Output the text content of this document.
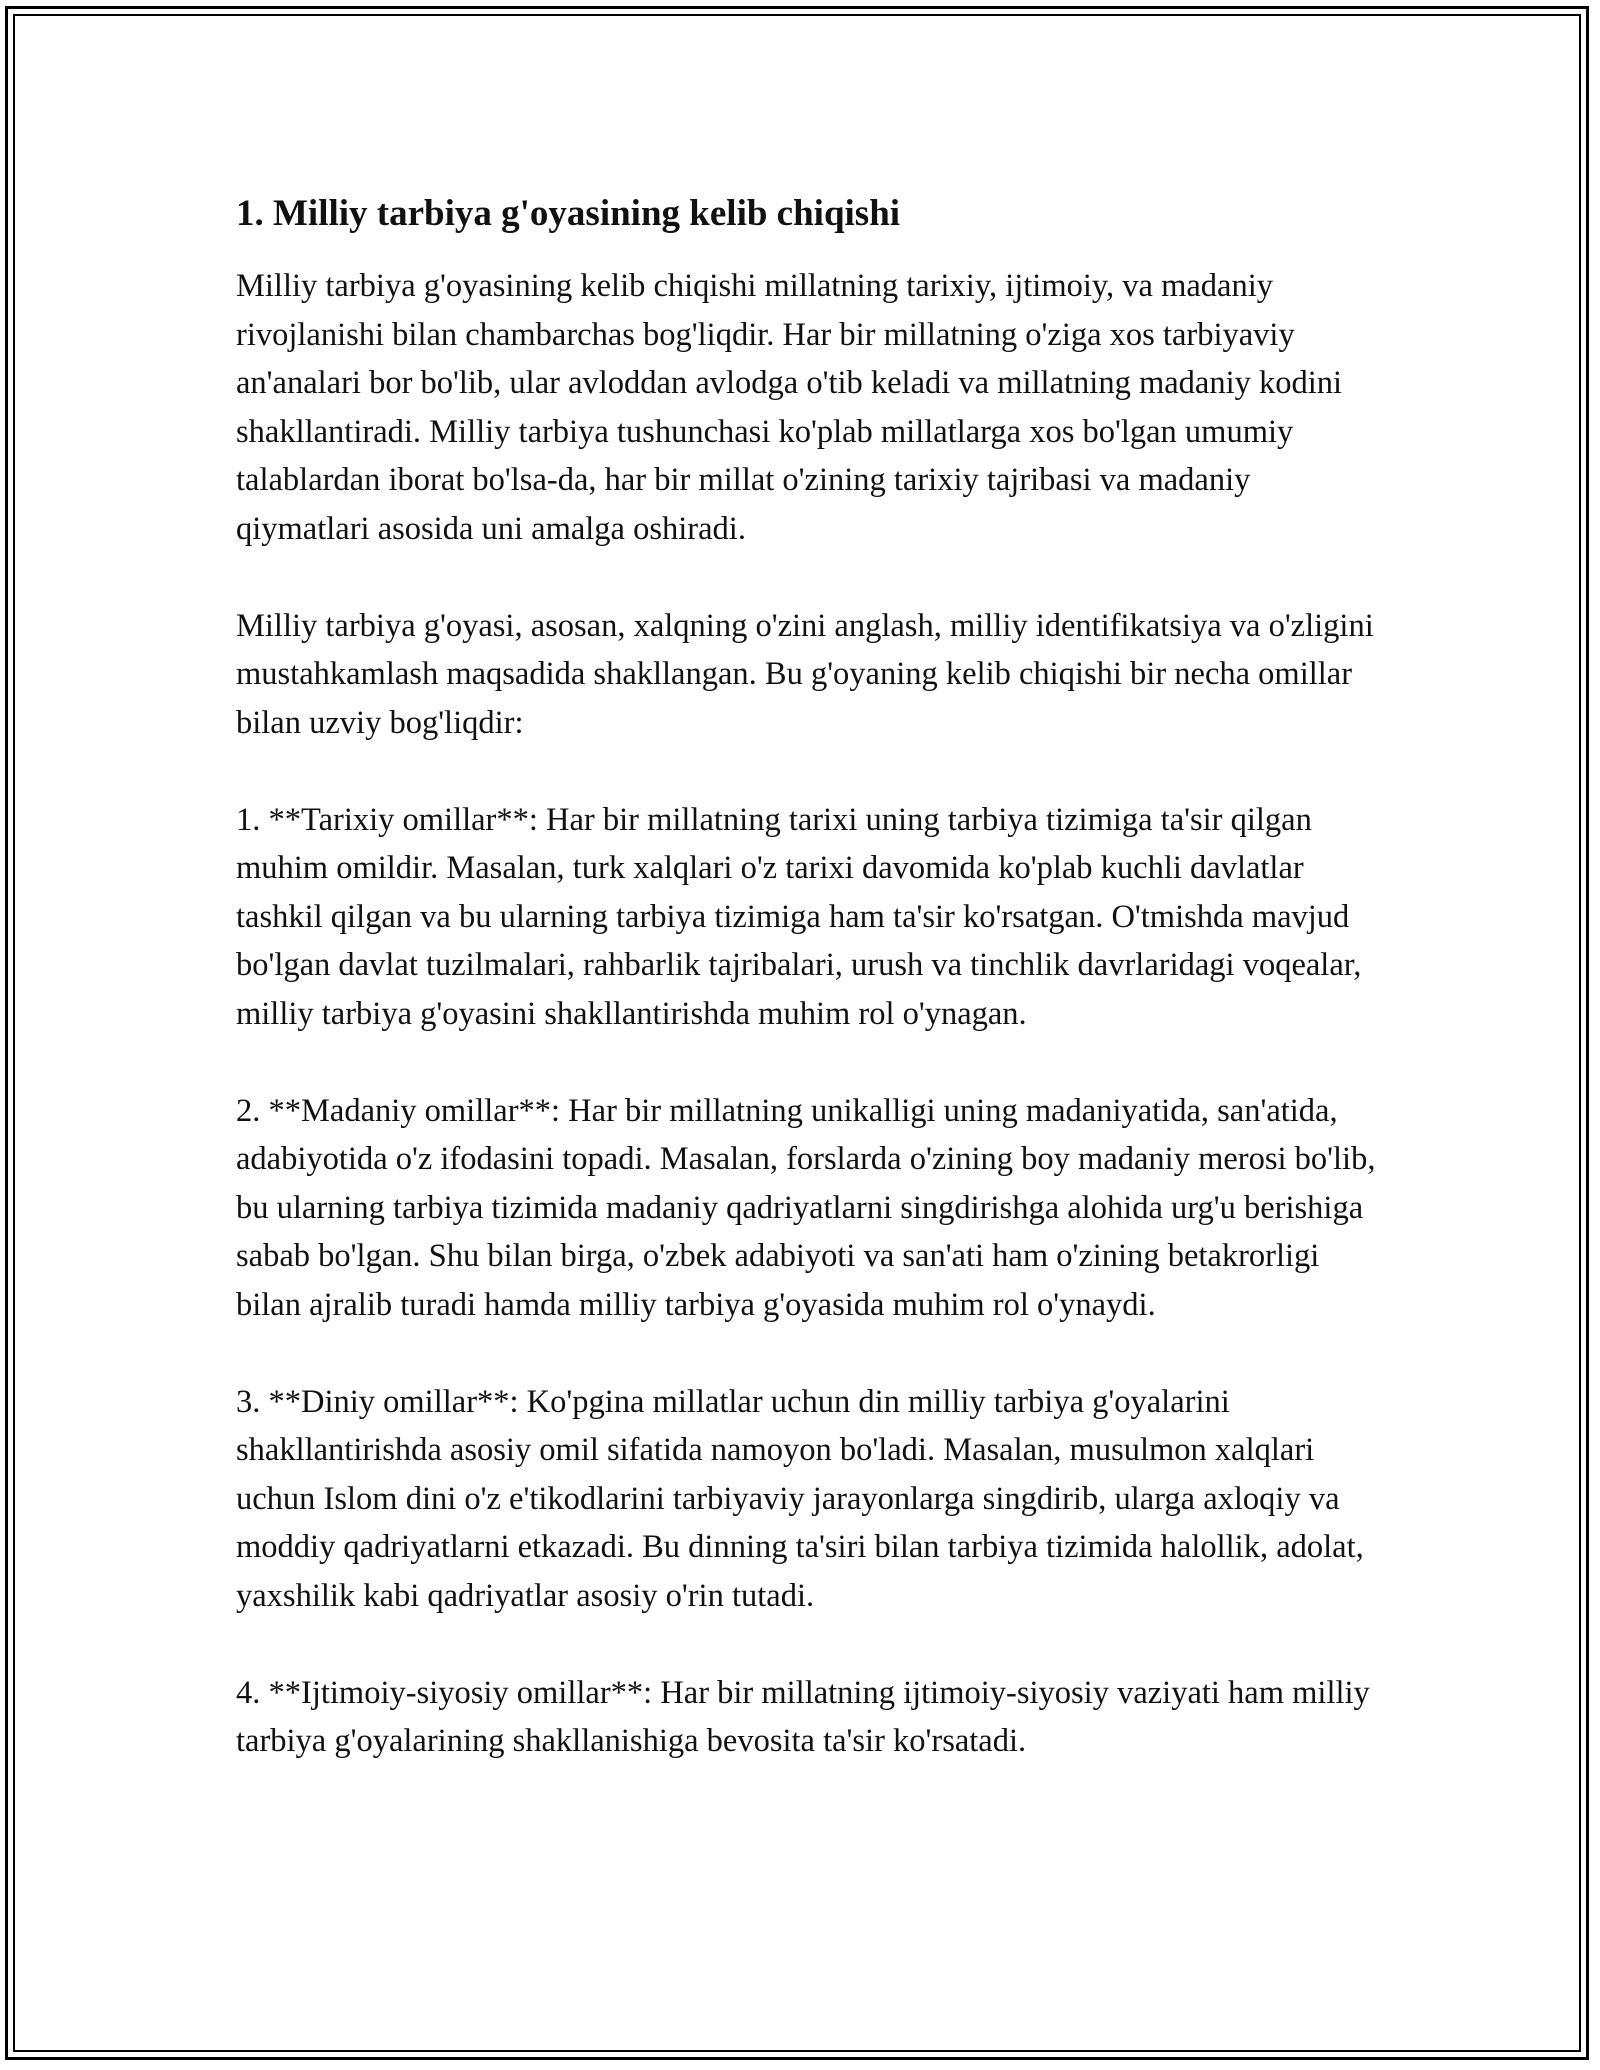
1. Milliy tarbiya g'oyasining kelib chiqishi

Milliy tarbiya g'oyasining kelib chiqishi millatning tarixiy, ijtimoiy, va madaniy rivojlanishi bilan chambarchas bog'liqdir. Har bir millatning o'ziga xos tarbiyaviy an'analari bor bo'lib, ular avloddan avlodga o'tib keladi va millatning madaniy kodini shakllantiradi. Milliy tarbiya tushunchasi ko'plab millatlarga xos bo'lgan umumiy talablardan iborat bo'lsa-da, har bir millat o'zining tarixiy tajribasi va madaniy qiymatlari asosida uni amalga oshiradi.

Milliy tarbiya g'oyasi, asosan, xalqning o'zini anglash, milliy identifikatsiya va o'zligini mustahkamlash maqsadida shakllangan. Bu g'oyaning kelib chiqishi bir necha omillar bilan uzviy bog'liqdir:

1. **Tarixiy omillar**: Har bir millatning tarixi uning tarbiya tizimiga ta'sir qilgan muhim omildir. Masalan, turk xalqlari o'z tarixi davomida ko'plab kuchli davlatlar tashkil qilgan va bu ularning tarbiya tizimiga ham ta'sir ko'rsatgan. O'tmishda mavjud bo'lgan davlat tuzilmalari, rahbarlik tajribalari, urush va tinchlik davrlaridagi voqealar, milliy tarbiya g'oyasini shakllantirishda muhim rol o'ynagan.

2. **Madaniy omillar**: Har bir millatning unikalligi uning madaniyatida, san'atida, adabiyotida o'z ifodasini topadi. Masalan, forslarda o'zining boy madaniy merosi bo'lib, bu ularning tarbiya tizimida madaniy qadriyatlarni singdirishga alohida urg'u berishiga sabab bo'lgan. Shu bilan birga, o'zbek adabiyoti va san'ati ham o'zining betakrorligi bilan ajralib turadi hamda milliy tarbiya g'oyasida muhim rol o'ynaydi.

3. **Diniy omillar**: Ko'pgina millatlar uchun din milliy tarbiya g'oyalarini shakllantirishda asosiy omil sifatida namoyon bo'ladi. Masalan, musulmon xalqlari uchun Islom dini o'z e'tikodlarini tarbiyaviy jarayonlarga singdirib, ularga axloqiy va moddiy qadriyatlarni etkazadi. Bu dinning ta'siri bilan tarbiya tizimida halollik, adolat, yaxshilik kabi qadriyatlar asosiy o'rin tutadi.

4. **Ijtimoiy-siyosiy omillar**: Har bir millatning ijtimoiy-siyosiy vaziyati ham milliy tarbiya g'oyalarining shakllanishiga bevosita ta'sir ko'rsatadi.
